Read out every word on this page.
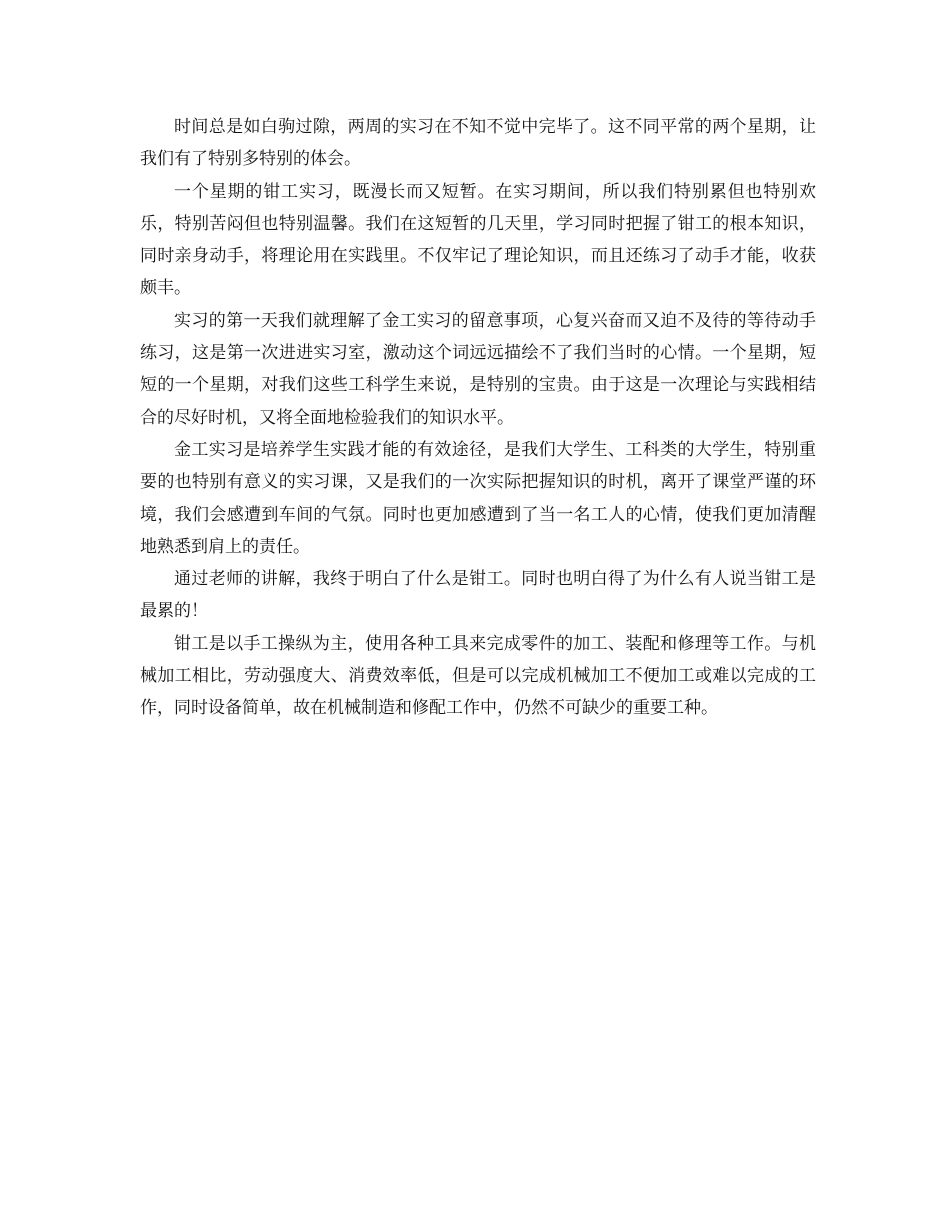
时间总是如白驹过隙，两周的实习在不知不觉中完毕了。这不同平常的两个星期，让我们有了特别多特别的体会。

一个星期的钳工实习，既漫长而又短暂。在实习期间，所以我们特别累但也特别欢乐，特别苦闷但也特别温馨。我们在这短暂的几天里，学习同时把握了钳工的根本知识，同时亲身动手，将理论用在实践里。不仅牢记了理论知识，而且还练习了动手才能，收获颇丰。

实习的第一天我们就理解了金工实习的留意事项，心复兴奋而又迫不及待的等待动手练习，这是第一次进进实习室，激动这个词远远描绘不了我们当时的心情。一个星期，短短的一个星期，对我们这些工科学生来说，是特别的宝贵。由于这是一次理论与实践相结合的尽好时机，又将全面地检验我们的知识水平。

金工实习是培养学生实践才能的有效途径，是我们大学生、工科类的大学生，特别重要的也特别有意义的实习课，又是我们的一次实际把握知识的时机，离开了课堂严谨的环境，我们会感遭到车间的气氛。同时也更加感遭到了当一名工人的心情，使我们更加清醒地熟悉到肩上的责任。

通过老师的讲解，我终于明白了什么是钳工。同时也明白得了为什么有人说当钳工是最累的！

钳工是以手工操纵为主，使用各种工具来完成零件的加工、装配和修理等工作。与机械加工相比，劳动强度大、消费效率低，但是可以完成机械加工不便加工或难以完成的工作，同时设备简单，故在机械制造和修配工作中，仍然不可缺少的重要工种。
